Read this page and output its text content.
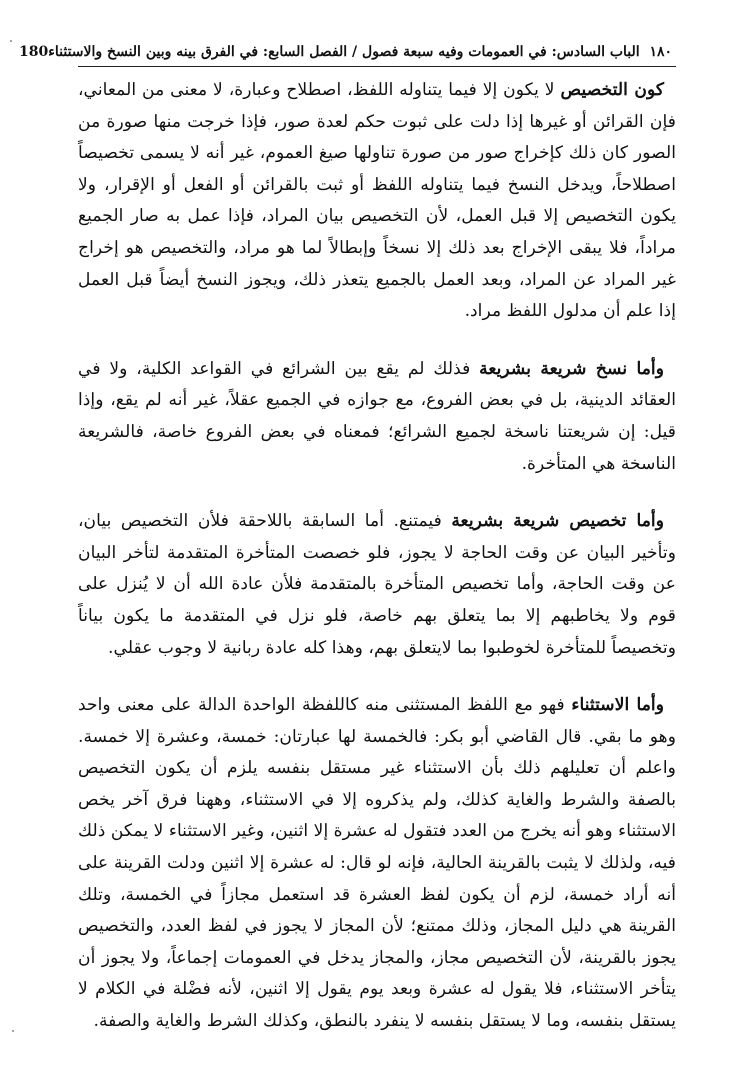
١٨٠  الباب السادس: في العمومات وفيه سبعة فصول / الفصل السابع: في الفرق بينه وبين النسخ والاستثناء
180

كون التخصيص لا يكون إلا فيما يتناوله اللفظ، اصطلاح وعبارة، لا معنى من المعاني، فإن القرائن أو غيرها إذا دلت على ثبوت حكم لعدة صور، فإذا خرجت منها صورة من الصور كان ذلك كإخراج صور من صورة تناولها صيغ العموم، غير أنه لا يسمى تخصيصاً اصطلاحاً، ويدخل النسخ فيما يتناوله اللفظ أو ثبت بالقرائن أو الفعل أو الإقرار، ولا يكون التخصيص إلا قبل العمل، لأن التخصيص بيان المراد، فإذا عمل به صار الجميع مراداً، فلا يبقى الإخراج بعد ذلك إلا نسخاً وإبطالاً لما هو مراد، والتخصيص هو إخراج غير المراد عن المراد، وبعد العمل بالجميع يتعذر ذلك، ويجوز النسخ أيضاً قبل العمل إذا علم أن مدلول اللفظ مراد.

وأما نسخ شريعة بشريعة فذلك لم يقع بين الشرائع في القواعد الكلية، ولا في العقائد الدينية، بل في بعض الفروع، مع جوازه في الجميع عقلاً، غير أنه لم يقع، وإذا قيل: إن شريعتنا ناسخة لجميع الشرائع؛ فمعناه في بعض الفروع خاصة، فالشريعة الناسخة هي المتأخرة.

وأما تخصيص شريعة بشريعة فيمتنع. أما السابقة باللاحقة فلأن التخصيص بيان، وتأخير البيان عن وقت الحاجة لا يجوز، فلو خصصت المتأخرة المتقدمة لتأخر البيان عن وقت الحاجة، وأما تخصيص المتأخرة بالمتقدمة فلأن عادة الله أن لا يُنزل على قوم ولا يخاطبهم إلا بما يتعلق بهم خاصة، فلو نزل في المتقدمة ما يكون بياناً وتخصيصاً للمتأخرة لخوطبوا بما لايتعلق بهم، وهذا كله عادة ربانية لا وجوب عقلي.

وأما الاستثناء فهو مع اللفظ المستثنى منه كاللفظة الواحدة الدالة على معنى واحد وهو ما بقي. قال القاضي أبو بكر: فالخمسة لها عبارتان: خمسة، وعشرة إلا خمسة. واعلم أن تعليلهم ذلك بأن الاستثناء غير مستقل بنفسه يلزم أن يكون التخصيص بالصفة والشرط والغاية كذلك، ولم يذكروه إلا في الاستثناء، وههنا فرق آخر يخص الاستثناء وهو أنه يخرج من العدد فتقول له عشرة إلا اثنين، وغير الاستثناء لا يمكن ذلك فيه، ولذلك لا يثبت بالقرينة الحالية، فإنه لو قال: له عشرة إلا اثنين ودلت القرينة على أنه أراد خمسة، لزم أن يكون لفظ العشرة قد استعمل مجازاً في الخمسة، وتلك القرينة هي دليل المجاز، وذلك ممتنع؛ لأن المجاز لا يجوز في لفظ العدد، والتخصيص يجوز بالقرينة، لأن التخصيص مجاز، والمجاز يدخل في العمومات إجماعاً، ولا يجوز أن يتأخر الاستثناء، فلا يقول له عشرة وبعد يوم يقول إلا اثنين، لأنه فضْلة في الكلام لا يستقل بنفسه، وما لا يستقل بنفسه لا ينفرد بالنطق، وكذلك الشرط والغاية والصفة.
